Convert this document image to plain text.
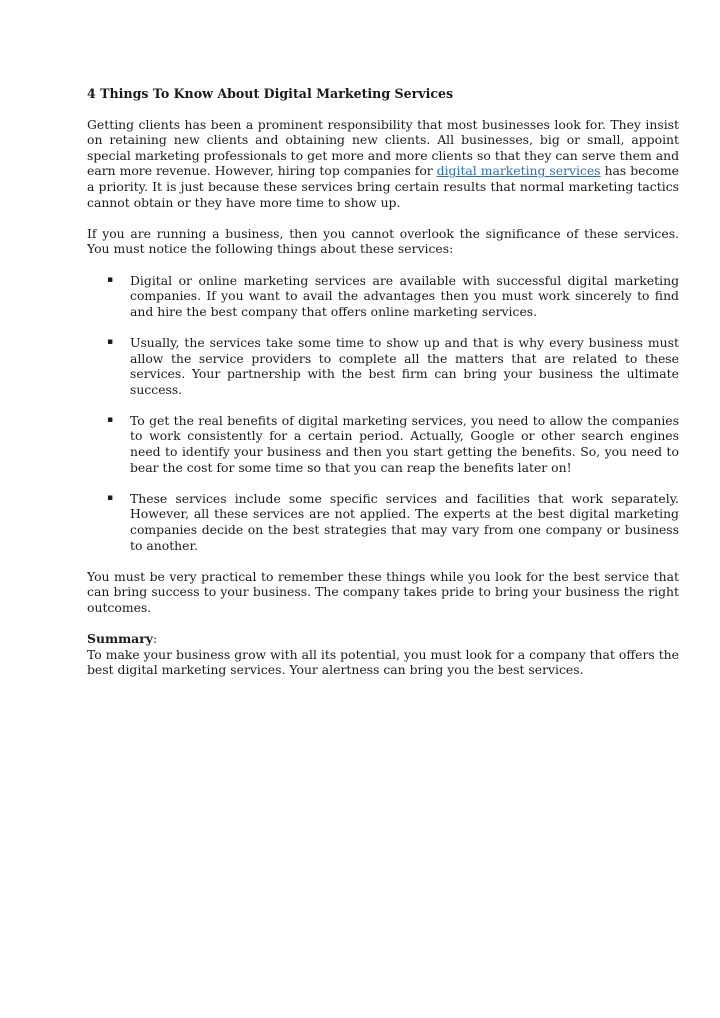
4 Things To Know About Digital Marketing Services

Getting clients has been a prominent responsibility that most businesses look for. They insist on retaining new clients and obtaining new clients. All businesses, big or small, appoint special marketing professionals to get more and more clients so that they can serve them and earn more revenue. However, hiring top companies for digital marketing services has become a priority. It is just because these services bring certain results that normal marketing tactics cannot obtain or they have more time to show up.

If you are running a business, then you cannot overlook the significance of these services. You must notice the following things about these services:

▪ Digital or online marketing services are available with successful digital marketing companies. If you want to avail the advantages then you must work sincerely to find and hire the best company that offers online marketing services.
▪ Usually, the services take some time to show up and that is why every business must allow the service providers to complete all the matters that are related to these services. Your partnership with the best firm can bring your business the ultimate success.
▪ To get the real benefits of digital marketing services, you need to allow the companies to work consistently for a certain period. Actually, Google or other search engines need to identify your business and then you start getting the benefits. So, you need to bear the cost for some time so that you can reap the benefits later on!
▪ These services include some specific services and facilities that work separately. However, all these services are not applied. The experts at the best digital marketing companies decide on the best strategies that may vary from one company or business to another.

You must be very practical to remember these things while you look for the best service that can bring success to your business. The company takes pride to bring your business the right outcomes.

Summary:

To make your business grow with all its potential, you must look for a company that offers the best digital marketing services. Your alertness can bring you the best services.
